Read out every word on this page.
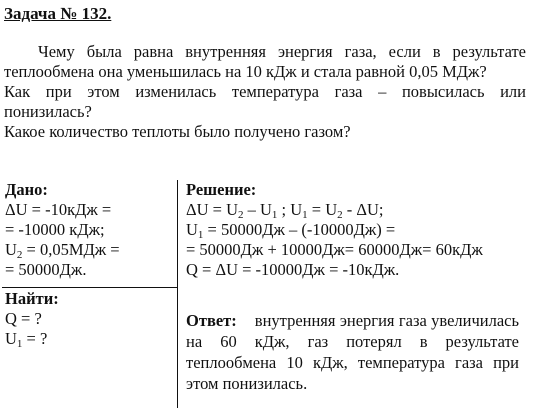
Задача № 132.

Чему была равна внутренняя энергия газа, если в результате теплообмена она уменьшилась на 10 кДж и стала равной 0,05 МДж?

Как при этом изменилась температура газа – повысилась или понизилась?

Какое количество теплоты было получено газом?

Дано:
ΔU = -10кДж =
= -10000 кДж;
$U_2 = 0,05МДж$ =
= 50000Дж.
Найти:
Q = ?
$U_1$ = ?
Решение:
$\Delta U = U_2 - U_1$ ; $U_1 = U_2 - \Delta U$;
$U_1 = 50000Дж - (-10000Дж)$ =
= 50000Дж + 10000Дж= 60000Дж= 60кДж
Q = ΔU = -10000Дж = -10кДж.
Ответ: внутренняя энергия газа увеличилась на 60 кДж, газ потерял в результате теплообмена 10 кДж, температура газа при этом понизилась.
